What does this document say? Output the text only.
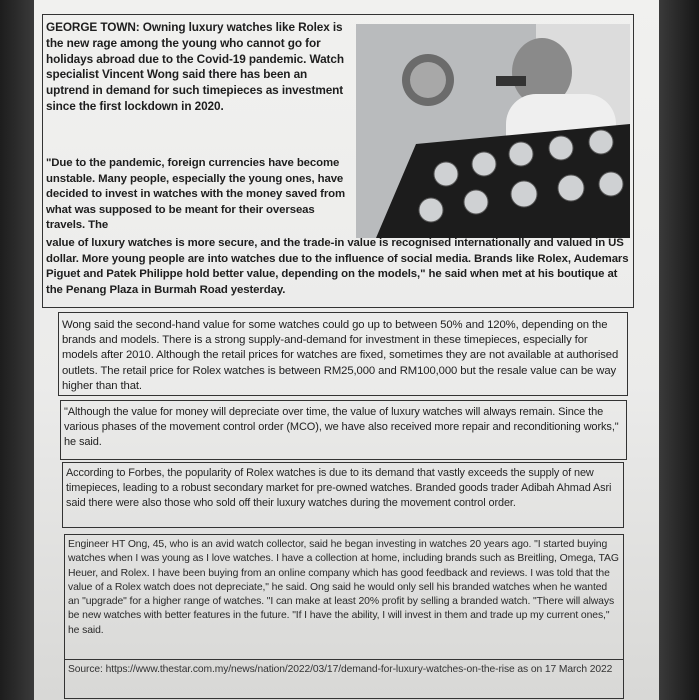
GEORGE TOWN: Owning luxury watches like Rolex is the new rage among the young who cannot go for holidays abroad due to the Covid-19 pandemic. Watch specialist Vincent Wong said there has been an uptrend in demand for such timepieces as investment since the first lockdown in 2020.
"Due to the pandemic, foreign currencies have become unstable. Many people, especially the young ones, have decided to invest in watches with the money saved from what was supposed to be meant for their overseas travels. The
value of luxury watches is more secure, and the trade-in value is recognised internationally and valued in US dollar. More young people are into watches due to the influence of social media. Brands like Rolex, Audemars Piguet and Patek Philippe hold better value, depending on the models," he said when met at his boutique at the Penang Plaza in Burmah Road yesterday.
Wong said the second-hand value for some watches could go up to between 50% and 120%, depending on the brands and models. There is a strong supply-and-demand for investment in these timepieces, especially for models after 2010. Although the retail prices for watches are fixed, sometimes they are not available at authorised outlets. The retail price for Rolex watches is between RM25,000 and RM100,000 but the resale value can be way higher than that.
"Although the value for money will depreciate over time, the value of luxury watches will always remain. Since the various phases of the movement control order (MCO), we have also received more repair and reconditioning works," he said.
According to Forbes, the popularity of Rolex watches is due to its demand that vastly exceeds the supply of new timepieces, leading to a robust secondary market for pre-owned watches. Branded goods trader Adibah Ahmad Asri said there were also those who sold off their luxury watches during the movement control order.
Engineer HT Ong, 45, who is an avid watch collector, said he began investing in watches 20 years ago. "I started buying watches when I was young as I love watches. I have a collection at home, including brands such as Breitling, Omega, TAG Heuer, and Rolex. I have been buying from an online company which has good feedback and reviews. I was told that the value of a Rolex watch does not depreciate," he said. Ong said he would only sell his branded watches when he wanted an "upgrade" for a higher range of watches. "I can make at least 20% profit by selling a branded watch. "There will always be new watches with better features in the future. "If I have the ability, I will invest in them and trade up my current ones," he said.
Source: https://www.thestar.com.my/news/nation/2022/03/17/demand-for-luxury-watches-on-the-rise as on 17 March 2022
